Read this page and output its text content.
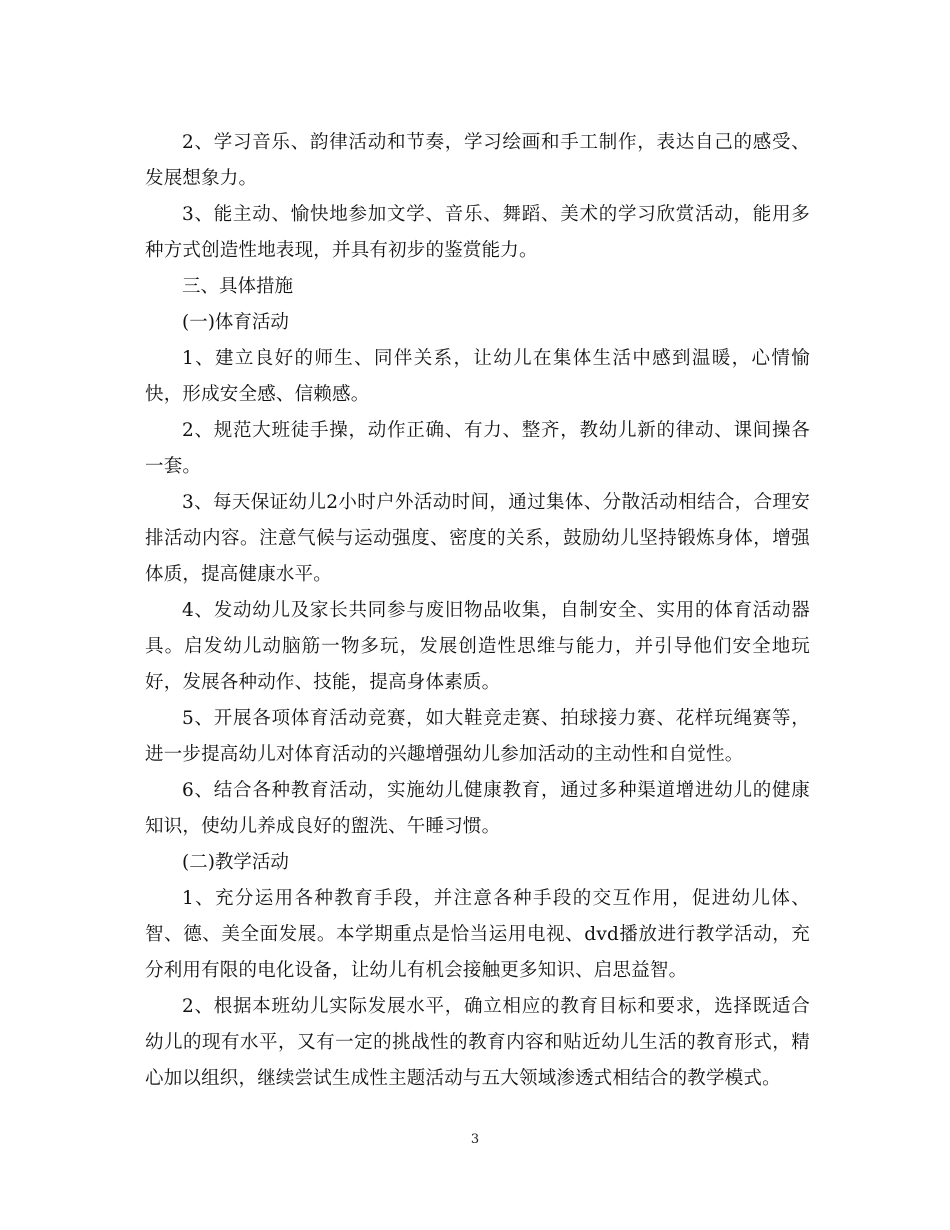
2、学习音乐、韵律活动和节奏，学习绘画和手工制作，表达自己的感受、发展想象力。

3、能主动、愉快地参加文学、音乐、舞蹈、美术的学习欣赏活动，能用多种方式创造性地表现，并具有初步的鉴赏能力。

三、具体措施

(一)体育活动

1、建立良好的师生、同伴关系，让幼儿在集体生活中感到温暖，心情愉快，形成安全感、信赖感。

2、规范大班徒手操，动作正确、有力、整齐，教幼儿新的律动、课间操各一套。

3、每天保证幼儿2小时户外活动时间，通过集体、分散活动相结合，合理安排活动内容。注意气候与运动强度、密度的关系，鼓励幼儿坚持锻炼身体，增强体质，提高健康水平。

4、发动幼儿及家长共同参与废旧物品收集，自制安全、实用的体育活动器具。启发幼儿动脑筋一物多玩，发展创造性思维与能力，并引导他们安全地玩好，发展各种动作、技能，提高身体素质。

5、开展各项体育活动竞赛，如大鞋竞走赛、拍球接力赛、花样玩绳赛等，进一步提高幼儿对体育活动的兴趣增强幼儿参加活动的主动性和自觉性。

6、结合各种教育活动，实施幼儿健康教育，通过多种渠道增进幼儿的健康知识，使幼儿养成良好的盥洗、午睡习惯。

(二)教学活动

1、充分运用各种教育手段，并注意各种手段的交互作用，促进幼儿体、智、德、美全面发展。本学期重点是恰当运用电视、dvd播放进行教学活动，充分利用有限的电化设备，让幼儿有机会接触更多知识、启思益智。

2、根据本班幼儿实际发展水平，确立相应的教育目标和要求，选择既适合幼儿的现有水平，又有一定的挑战性的教育内容和贴近幼儿生活的教育形式，精心加以组织，继续尝试生成性主题活动与五大领域渗透式相结合的教学模式。

3
